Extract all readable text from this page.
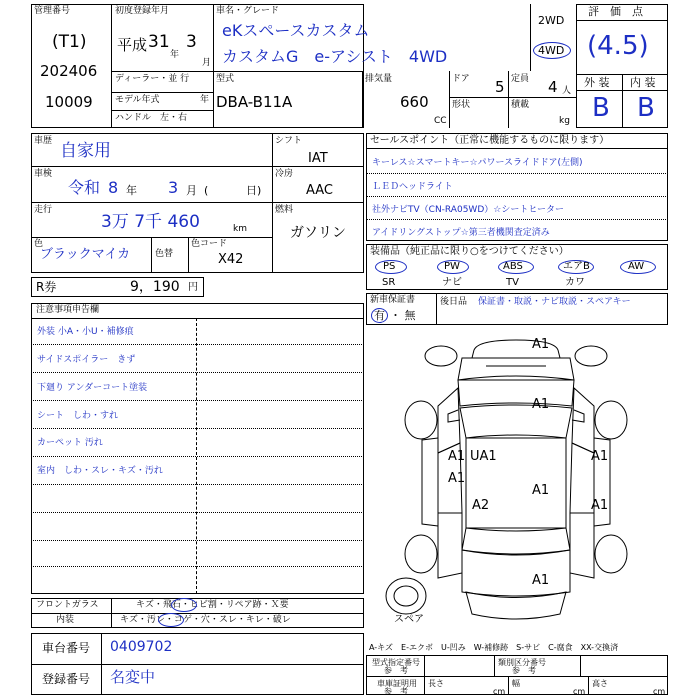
管理番号
(T1)
202406
10009
初度登録年月
平成 31
年
3
月
車名・グレード
eKスペースカスタム
カスタムG　e-アシスト　4WD
2WD
4WD
ディーラー・並 行
モデル年式	年
ハンドル　左・右
型式
DBA-B11A
排気量
660
CC
ドア 5
形状
定員 4 人
積載
kg
評　価　点
(4.5)
外 装 内 装
B B
車歴 自家用
車検
令和 8 年 3 月 (	日)
走行
3万 7千 460	km
色
ブラックマイカ	色替
色コード
X42
シフト
IAT
冷房
AAC
燃料
ガソリン
R券	9，190 円
セールスポイント（正常に機能するものに限ります）
キーレス☆スマートキー☆パワースライドドア(左側)
ＬＥＤヘッドライト
社外ナビTV（CN-RA05WD）☆シートヒーター
アイドリングストップ☆第三者機関査定済み
装備品（純正品に限り○をつけてください）
PS	PW	ABS	エアB	AW
SR	ナビ	TV	カワ
新車保証書
有 ・ 無
後日品 保証書・取説・ナビ取説・スペアキー
注意事項申告欄
外装 小A・小U・補修痕
サイドスポイラー　きず
下廻り アンダーコート塗装
シート　しわ・すれ
カーペット 汚れ
室内　しわ・スレ・キズ・汚れ
A1
A1
A1 UA1	A1
A1
A1
A2	A1
A1
スペア
フロントガラス	キズ・飛石・ヒビ割・リペア跡・Ｘ要
内装	キズ・汚レ・コゲ・穴・スレ・キレ・破レ
車台番号 0409702
登録番号 名変中
A-キズ　E-エクボ　U-凹み　W-補修跡　S-サビ　C-腐食　XX-交換済
型式指定番号
参　考
類別区分番号
参　考
車庫証明用
参　考
長さ
cm
幅
cm
高さ
cm
